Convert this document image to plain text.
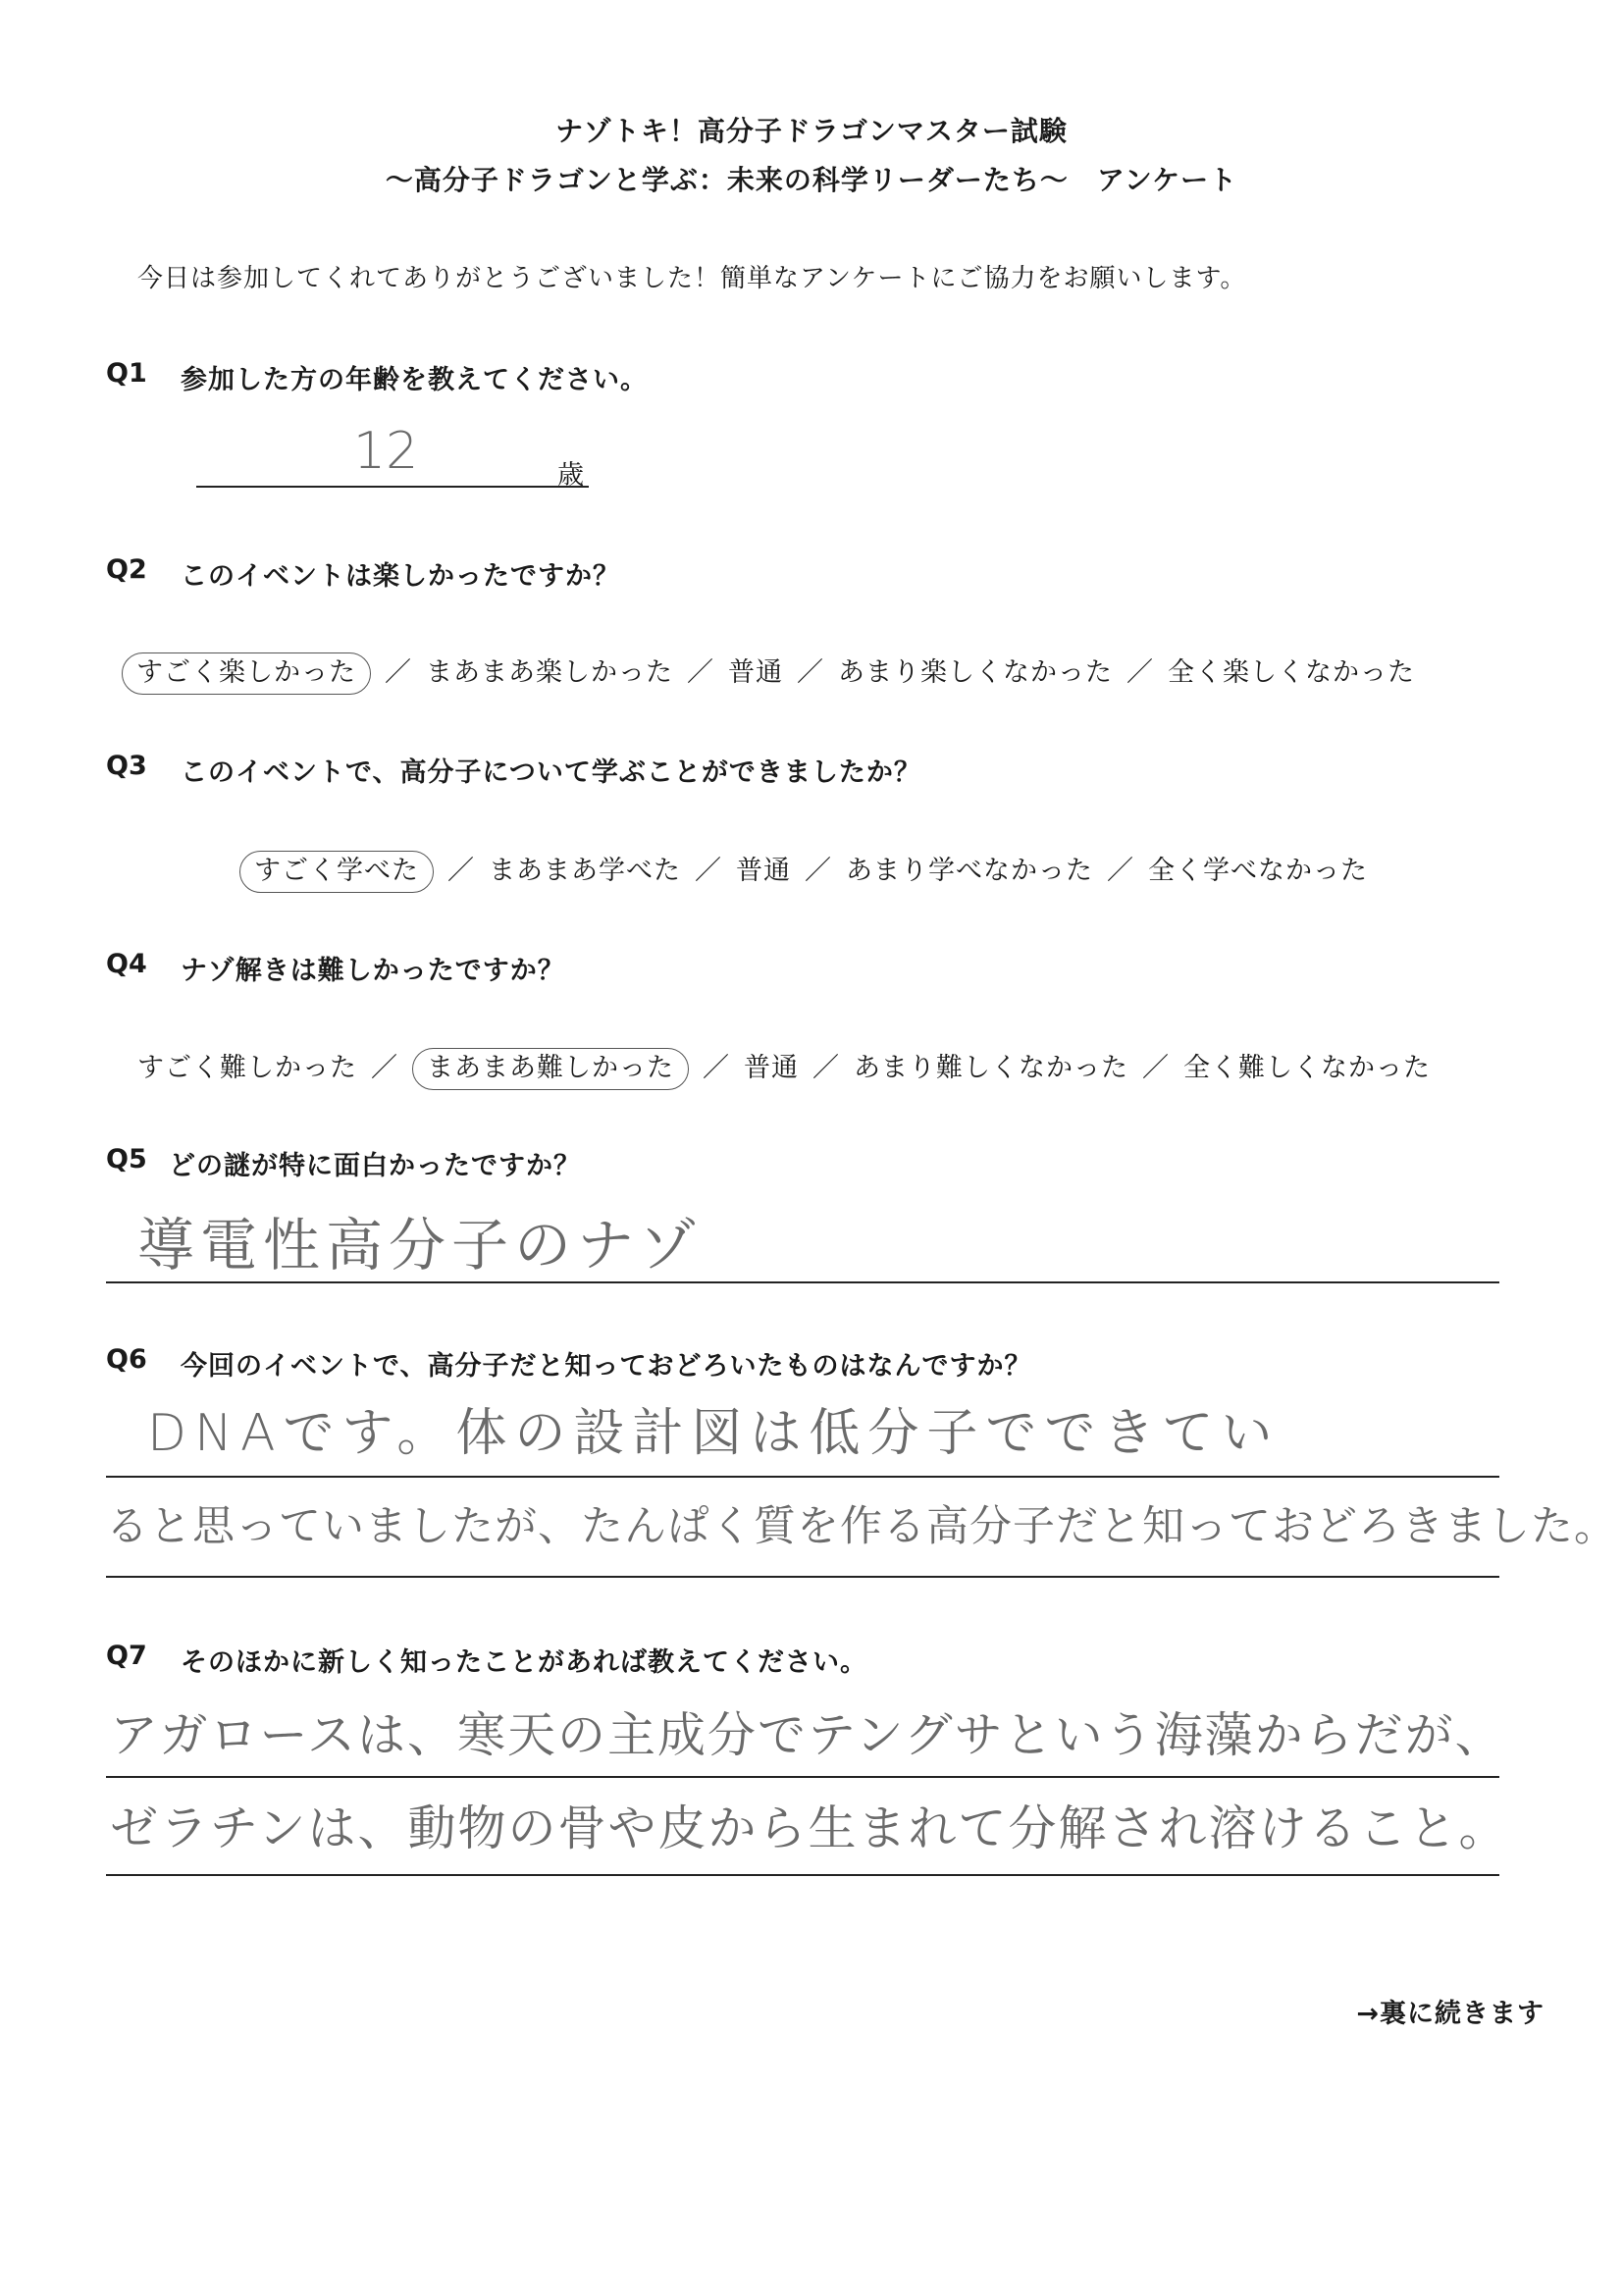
ナゾトキ！高分子ドラゴンマスター試験
〜高分子ドラゴンと学ぶ：未来の科学リーダーたち〜　アンケート
今日は参加してくれてありがとうございました！簡単なアンケートにご協力をお願いします。
Q1 参加した方の年齢を教えてください。
12	歳
Q2 このイベントは楽しかったですか？
すごく楽しかった ／ まあまあ楽しかった ／ 普通 ／ あまり楽しくなかった ／ 全く楽しくなかった
Q3 このイベントで、高分子について学ぶことができましたか？
すごく学べた ／ まあまあ学べた ／ 普通 ／ あまり学べなかった ／ 全く学べなかった
Q4 ナゾ解きは難しかったですか？
すごく難しかった ／ まあまあ難しかった ／ 普通 ／ あまり難しくなかった ／ 全く難しくなかった
Q5 どの謎が特に面白かったですか？
導電性高分子のナゾ
Q6 今回のイベントで、高分子だと知っておどろいたものはなんですか？
DNAです。体の設計図は低分子でできてい
ると思っていましたが、たんぱく質を作る高分子だと知っておどろきました。
Q7 そのほかに新しく知ったことがあれば教えてください。
アガロースは、寒天の主成分でテングサという海藻からだが、
ゼラチンは、動物の骨や皮から生まれて分解され溶けること。
→裏に続きます
